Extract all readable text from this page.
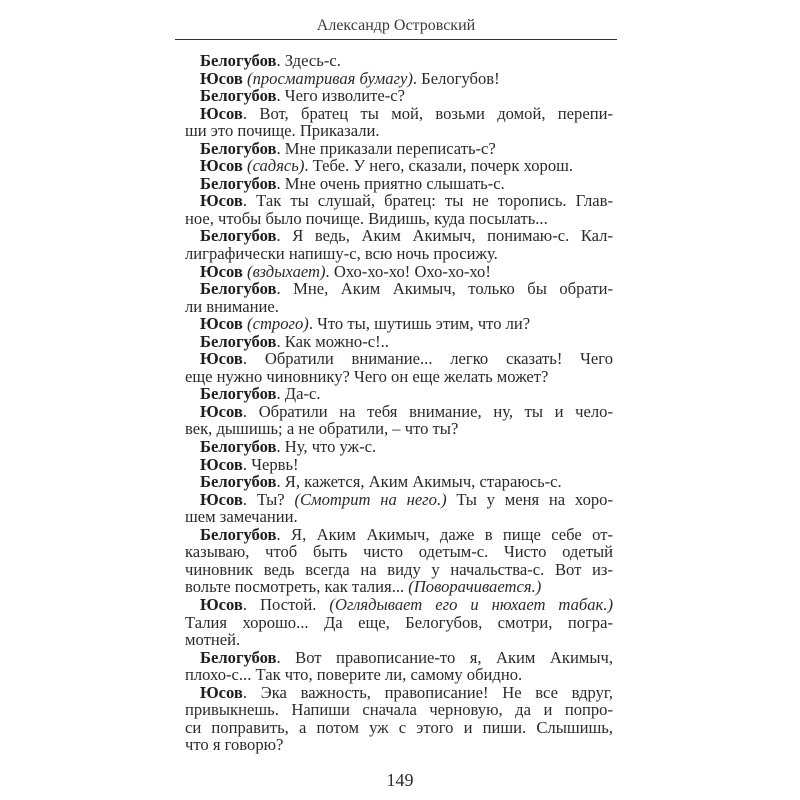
Александр Островский
Белогубов. Здесь-с.
Юсов (просматривая бумагу). Белогубов!
Белогубов. Чего изволите-с?
Юсов. Вот, братец ты мой, возьми домой, перепи-
ши это почище. Приказали.
Белогубов. Мне приказали переписать-с?
Юсов (садясь). Тебе. У него, сказали, почерк хорош.
Белогубов. Мне очень приятно слышать-с.
Юсов. Так ты слушай, братец: ты не торопись. Глав-
ное, чтобы было почище. Видишь, куда посылать...
Белогубов. Я ведь, Аким Акимыч, понимаю-с. Кал-
лиграфически напишу-с, всю ночь просижу.
Юсов (вздыхает). Охо-хо-хо! Охо-хо-хо!
Белогубов. Мне, Аким Акимыч, только бы обрати-
ли внимание.
Юсов (строго). Что ты, шутишь этим, что ли?
Белогубов. Как можно-с!..
Юсов. Обратили внимание... легко сказать! Чего
еще нужно чиновнику? Чего он еще желать может?
Белогубов. Да-с.
Юсов. Обратили на тебя внимание, ну, ты и чело-
век, дышишь; а не обратили, – что ты?
Белогубов. Ну, что уж-с.
Юсов. Червь!
Белогубов. Я, кажется, Аким Акимыч, стараюсь-с.
Юсов. Ты? (Смотрит на него.) Ты у меня на хоро-
шем замечании.
Белогубов. Я, Аким Акимыч, даже в пище себе от-
казываю, чтоб быть чисто одетым-с. Чисто одетый
чиновник ведь всегда на виду у начальства-с. Вот из-
вольте посмотреть, как талия... (Поворачивается.)
Юсов. Постой. (Оглядывает его и нюхает табак.)
Талия хорошо... Да еще, Белогубов, смотри, погра-
мотней.
Белогубов. Вот правописание-то я, Аким Акимыч,
плохо-с... Так что, поверите ли, самому обидно.
Юсов. Эка важность, правописание! Не все вдруг,
привыкнешь. Напиши сначала черновую, да и попро-
си поправить, а потом уж с этого и пиши. Слышишь,
что я говорю?
149
